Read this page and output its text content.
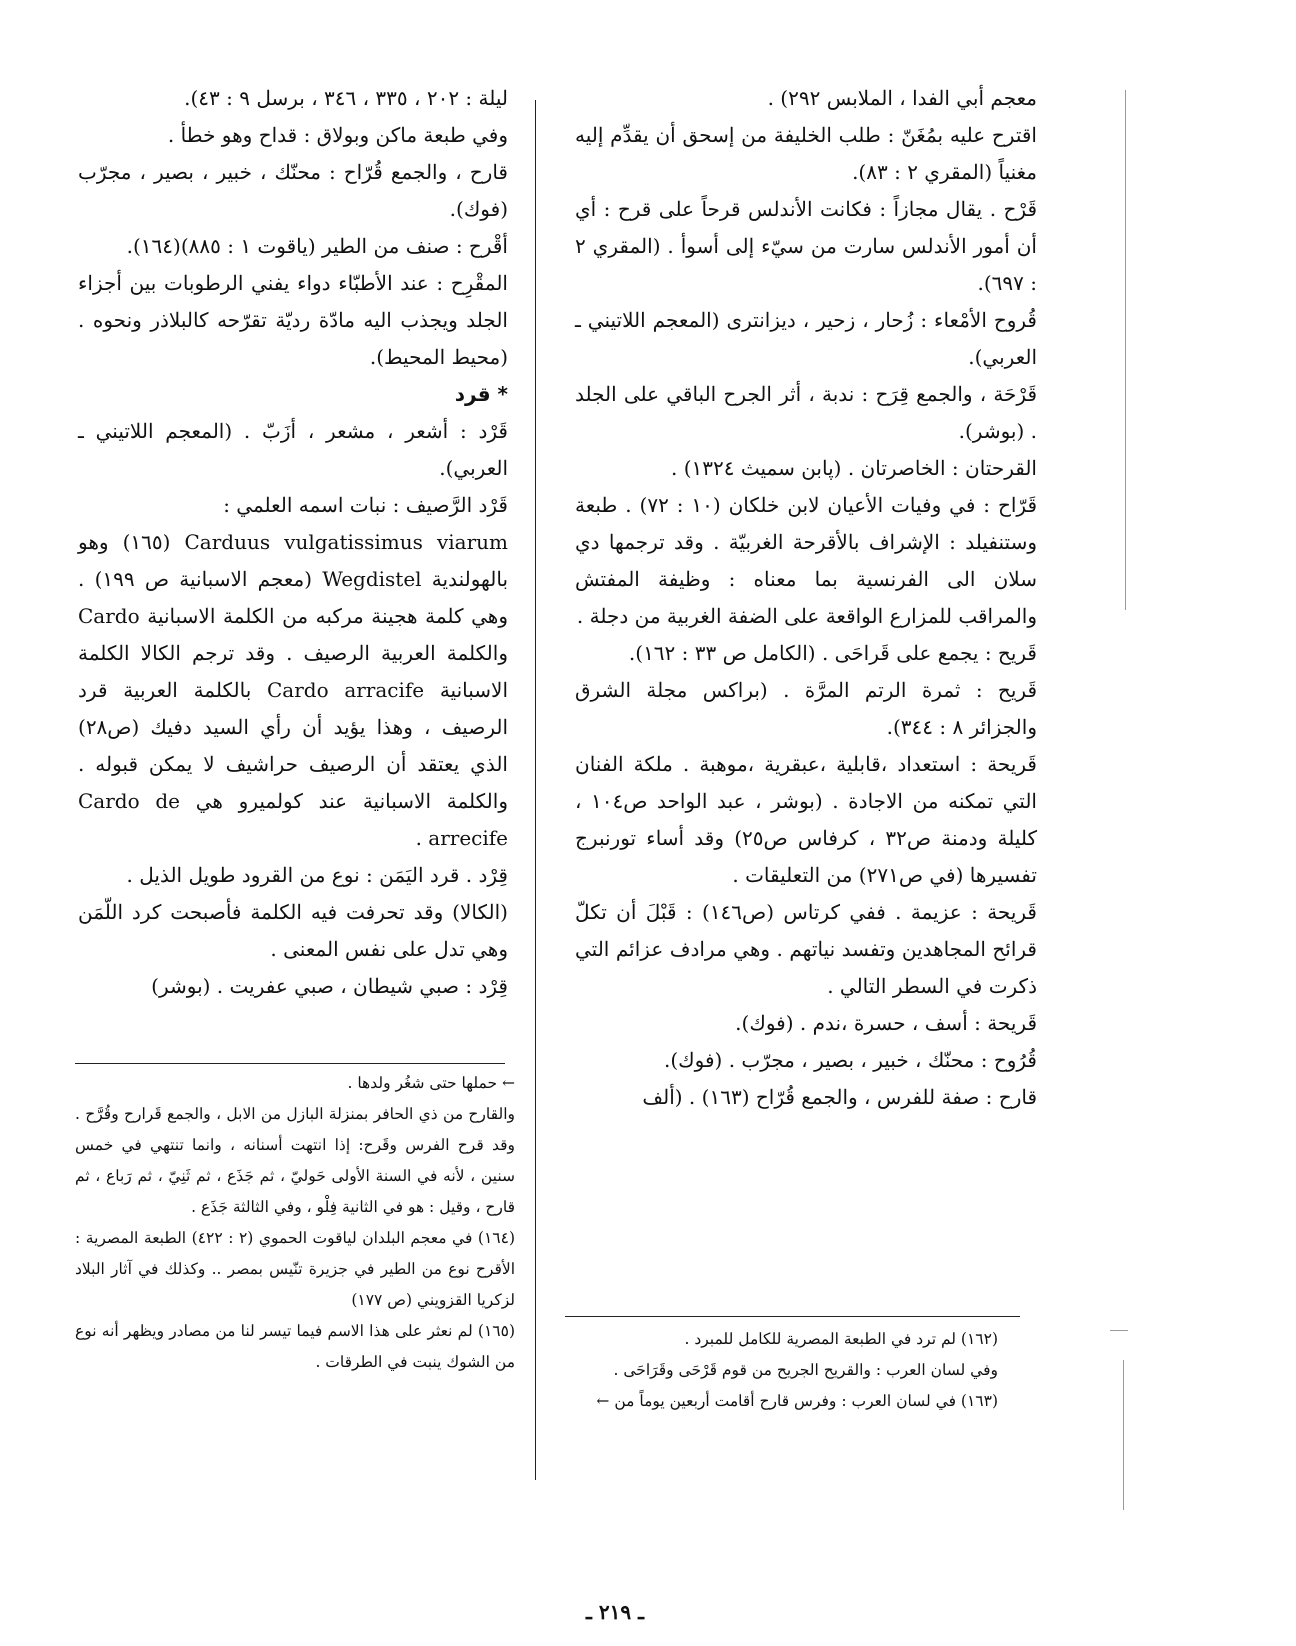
معجم أبي الفدا ، الملابس ٢٩٢) .

اقترح عليه بمُغَنّ : طلب الخليفة من إسحق أن يقدِّم إليه مغنياً (المقري ٢ : ٨٣).

قَرْح . يقال مجازاً : فكانت الأندلس قرحاً على قرح : أي أن أمور الأندلس سارت من سيّء إلى أسوأ . (المقري ٢ : ٦٩٧).

قُروح الأمْعاء : زُحار ، زحير ، ديزانترى (المعجم اللاتيني ـ العربي).

قَرْحَة ، والجمع قِرَح : ندبة ، أثر الجرح الباقي على الجلد . (بوشر).

القرحتان : الخاصرتان . (پابن سميث ١٣٢٤) .

قَرّاح : في وفيات الأعيان لابن خلكان (١٠ : ٧٢) . طبعة وستنفيلد : الإشراف بالأقرحة الغربيّة . وقد ترجمها دي سلان الى الفرنسية بما معناه : وظيفة المفتش والمراقب للمزارع الواقعة على الضفة الغربية من دجلة .

قَريح : يجمع على قَراحَى . (الكامل ص ٣٣ : ١٦٢).

قَريح : ثمرة الرتم المرَّة . (براكس مجلة الشرق والجزائر ٨ : ٣٤٤).

قَريحة : استعداد ،قابلية ،عبقرية ،موهبة . ملكة الفنان التي تمكنه من الاجادة . (بوشر ، عبد الواحد ص١٠٤ ، كليلة ودمنة ص٣٢ ، كرفاس ص٢٥) وقد أساء تورنبرج تفسيرها (في ص٢٧١) من التعليقات .

قَريحة : عزيمة . ففي كرتاس (ص١٤٦) : قَبْلَ أن تكلّ قرائح المجاهدين وتفسد نياتهم . وهي مرادف عزائم التي ذكرت في السطر التالي .

قَريحة : أسف ، حسرة ،ندم . (فوك).

قُرُوح : محنّك ، خبير ، بصير ، مجرّب . (فوك).

قارح : صفة للفرس ، والجمع قُرّاح (١٦٣) . (ألف

ليلة : ٢٠٢ ، ٣٣٥ ، ٣٤٦ ، برسل ٩ : ٤٣).

وفي طبعة ماكن وبولاق : قداح وهو خطأ .

قارح ، والجمع قُرّاح : محنّك ، خبير ، بصير ، مجرّب (فوك).

أقْرح : صنف من الطير (ياقوت ١ : ٨٨٥)(١٦٤).

المقْرِح : عند الأطبّاء دواء يفني الرطوبات بين أجزاء الجلد ويجذب اليه مادّة رديّة تقرّحه كالبلاذر ونحوه . (محيط المحيط).

* قرد

قَرْد : أشعر ، مشعر ، أزَبّ . (المعجم اللاتيني ـ العربي).

قَرْد الرَّصيف : نبات اسمه العلمي :

Carduus vulgatissimus viarum (١٦٥) وهو بالهولندية Wegdistel (معجم الاسبانية ص ١٩٩) . وهي كلمة هجينة مركبه من الكلمة الاسبانية Cardo والكلمة العربية الرصيف . وقد ترجم الكالا الكلمة الاسبانية Cardo arracife بالكلمة العربية قرد الرصيف ، وهذا يؤيد أن رأي السيد دفيك (ص٢٨) الذي يعتقد أن الرصيف حراشيف لا يمكن قبوله . والكلمة الاسبانية عند كولميرو هي Cardo de arrecife .

قِرْد . قرد اليَمَن : نوع من القرود طويل الذيل .

(الكالا) وقد تحرفت فيه الكلمة فأصبحت كرد اللّمَن وهي تدل على نفس المعنى .

قِرْد : صبي شيطان ، صبي عفريت . (بوشر)

← حملها حتى شغُر ولدها .

والقارح من ذي الحافر بمنزلة البازل من الابل ، والجمع قَرارح وقُرَّح . وقد قرح الفرس وقَرح: إذا انتهت أسنانه ، وانما تنتهي في خمس سنين ، لأنه في السنة الأولى حَوليّ ، ثم جَذَع ، ثم ثَنِيّ ، ثم رَباع ، ثم قارح ، وقيل : هو في الثانية فِلْو ، وفي الثالثة جَذَع .

(١٦٤) في معجم البلدان لياقوت الحموي (٢ : ٤٢٢) الطبعة المصرية : الأقرح نوع من الطير في جزيرة تنّيس بمصر .. وكذلك في آثار البلاد لزكريا القزويني (ص ١٧٧)

(١٦٥) لم نعثر على هذا الاسم فيما تيسر لنا من مصادر ويظهر أنه نوع من الشوك ينبت في الطرقات .

(١٦٢) لم ترد في الطبعة المصرية للكامل للمبرد .

وفي لسان العرب : والقريح الجريح من قوم قَرْحَى وقَرَاحَى .

(١٦٣) في لسان العرب : وفرس قارح أقامت أربعين يوماً من ←

ـ ٢١٩ ـ
